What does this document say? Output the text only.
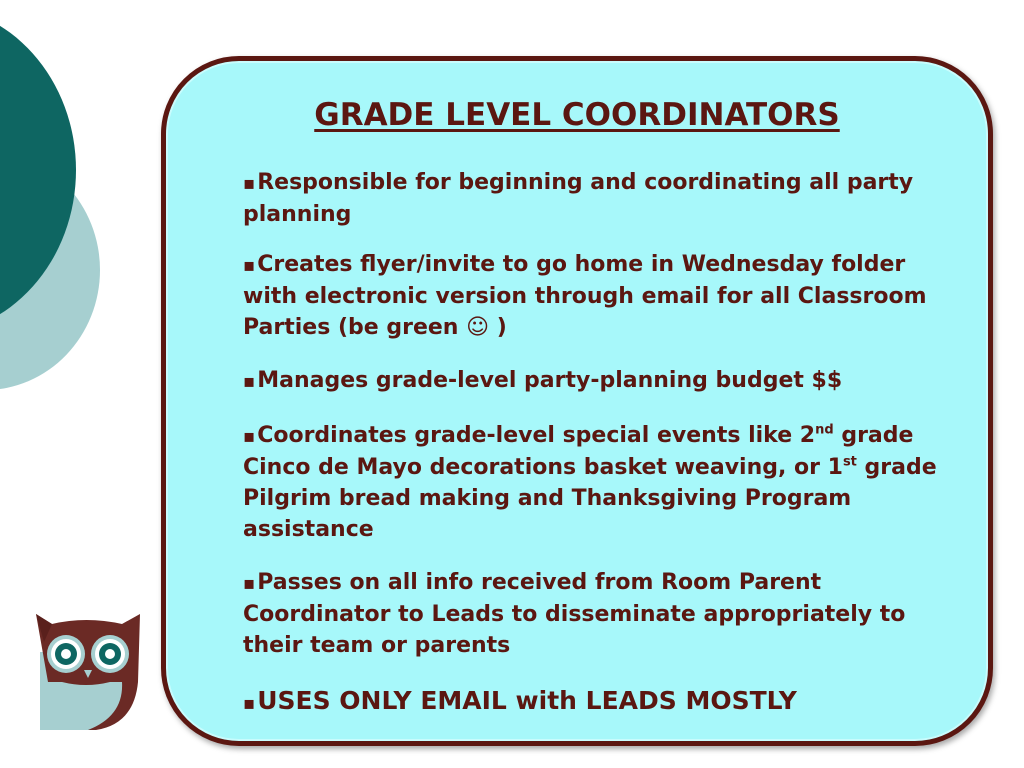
GRADE LEVEL COORDINATORS

▪Responsible for beginning and coordinating all party planning

▪Creates flyer/invite to go home in Wednesday folder with electronic version through email for all Classroom Parties (be green ☺ )

▪Manages grade-level party-planning budget $$

▪Coordinates grade-level special events like 2nd grade Cinco de Mayo decorations basket weaving, or 1st grade Pilgrim bread making and Thanksgiving Program assistance

▪Passes on all info received from Room Parent Coordinator to Leads to disseminate appropriately to their team or parents

▪USES ONLY EMAIL with LEADS MOSTLY
